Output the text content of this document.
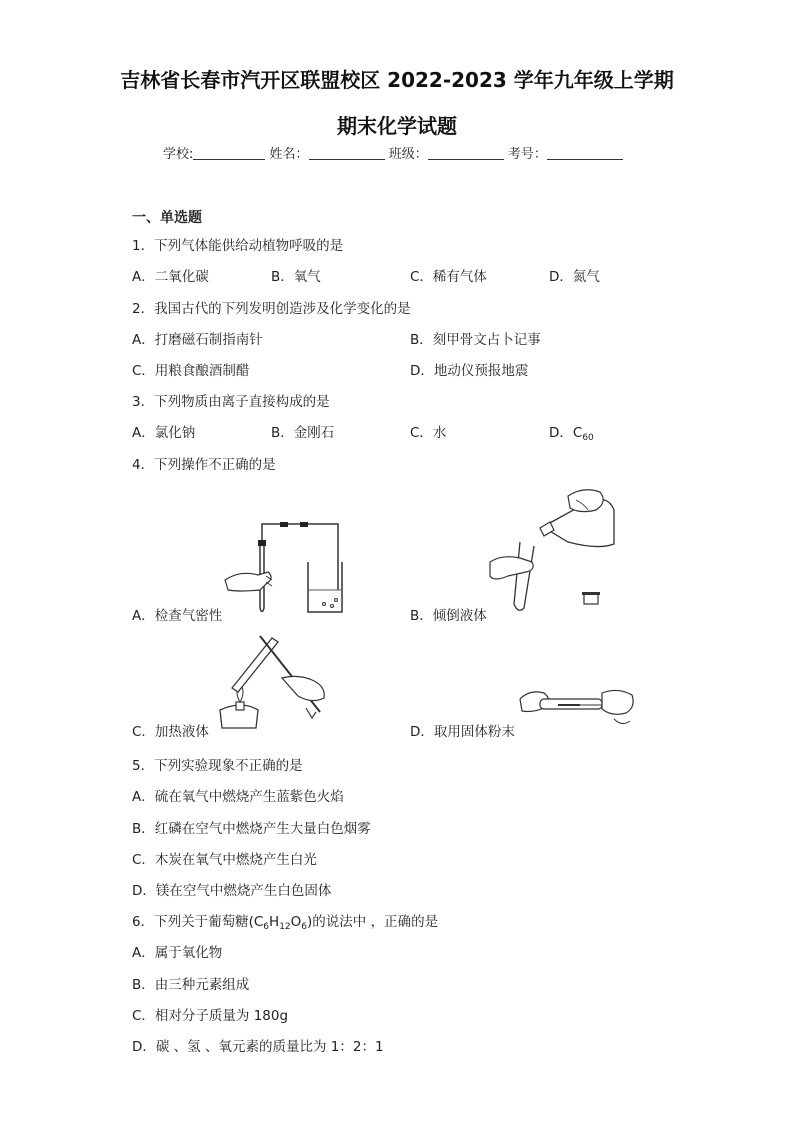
吉林省长春市汽开区联盟校区 2022-2023 学年九年级上学期
期末化学试题
学校:	姓名：	班级：	考号：
一、单选题
1．下列气体能供给动植物呼吸的是
A．二氧化碳	B．氧气	C．稀有气体	D．氮气
2．我国古代的下列发明创造涉及化学变化的是
A．打磨磁石制指南针	B．刻甲骨文占卜记事
C．用粮食酿酒制醋	D．地动仪预报地震
3．下列物质由离子直接构成的是
A．氯化钠	B．金刚石	C．水	D．$C_{60}$
4．下列操作不正确的是
A．检查气密性	B．倾倒液体
C．加热液体	D．取用固体粉末
5．下列实验现象不正确的是
A．硫在氧气中燃烧产生蓝紫色火焰
B．红磷在空气中燃烧产生大量白色烟雾
C．木炭在氧气中燃烧产生白光
D．镁在空气中燃烧产生白色固体
6．下列关于葡萄糖$(C_6H_{12}O_6)$的说法中 ，正确的是
A．属于氧化物
B．由三种元素组成
C．相对分子质量为 180g
D．碳 、氢 、氧元素的质量比为 1：2：1
